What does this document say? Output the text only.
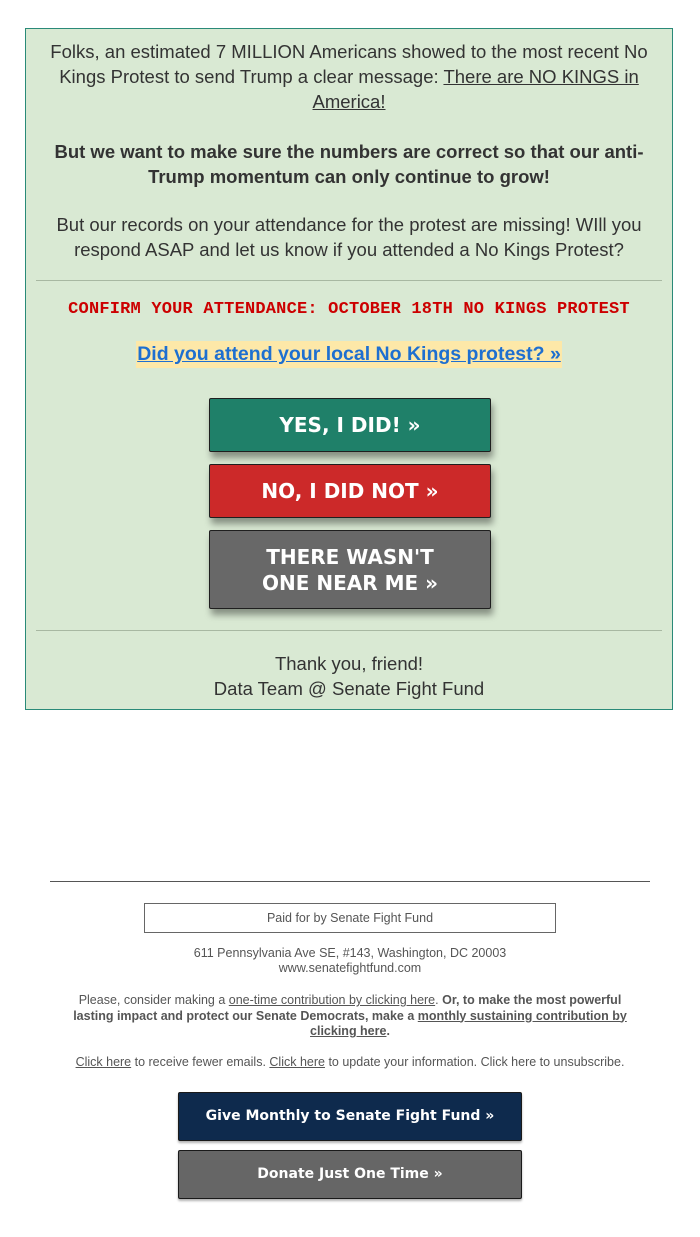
Folks, an estimated 7 MILLION Americans showed to the most recent No Kings Protest to send Trump a clear message: There are NO KINGS in America!
But we want to make sure the numbers are correct so that our anti-Trump momentum can only continue to grow!
But our records on your attendance for the protest are missing! WIll you respond ASAP and let us know if you attended a No Kings Protest?
CONFIRM YOUR ATTENDANCE: OCTOBER 18TH NO KINGS PROTEST
Did you attend your local No Kings protest? »
YES, I DID! »
NO, I DID NOT »
THERE WASN'T ONE NEAR ME »
Thank you, friend!
Data Team @ Senate Fight Fund
Paid for by Senate Fight Fund
611 Pennsylvania Ave SE, #143, Washington, DC 20003
www.senatefightfund.com
Please, consider making a one-time contribution by clicking here. Or, to make the most powerful lasting impact and protect our Senate Democrats, make a monthly sustaining contribution by clicking here.
Click here to receive fewer emails. Click here to update your information. Click here to unsubscribe.
Give Monthly to Senate Fight Fund »
Donate Just One Time »
